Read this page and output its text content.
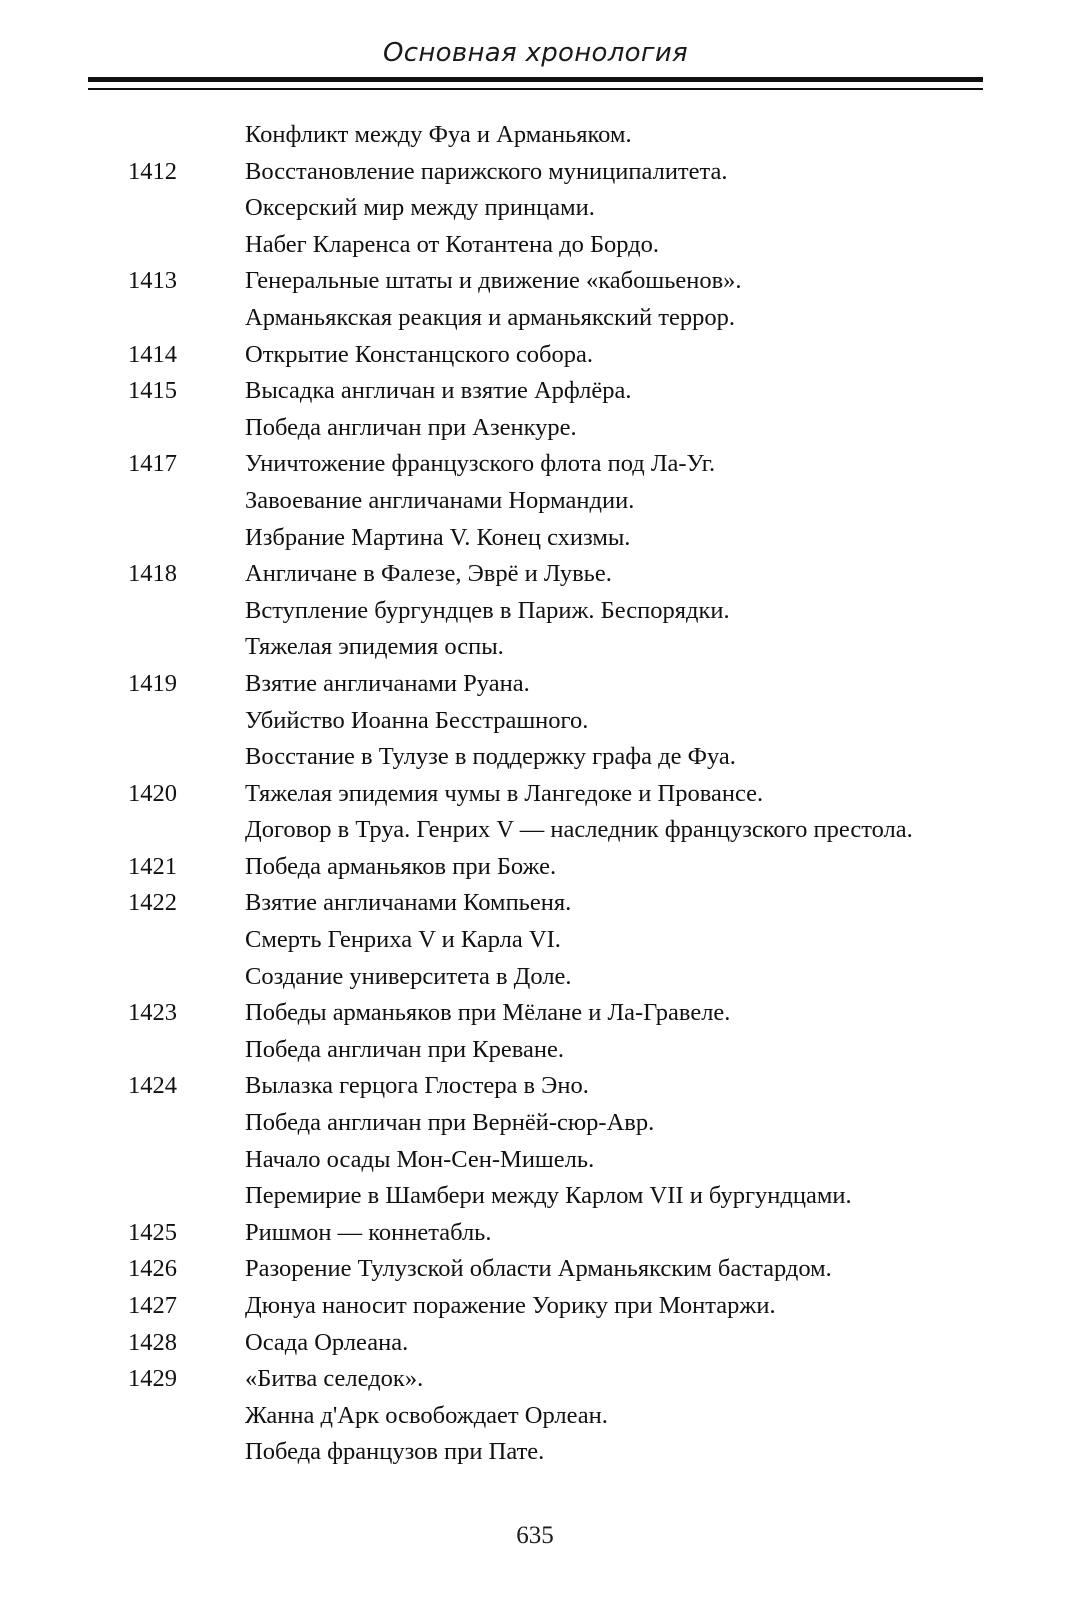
Основная хронология
Конфликт между Фуа и Арманьяком.
1412	Восстановление парижского муниципалитета.
Оксерский мир между принцами.
Набег Кларенса от Котантена до Бордо.
1413	Генеральные штаты и движение «кабошьенов».
Арманьякская реакция и арманьякский террор.
1414	Открытие Констанцского собора.
1415	Высадка англичан и взятие Арфлёра.
Победа англичан при Азенкуре.
1417	Уничтожение французского флота под Ла-Уг.
Завоевание англичанами Нормандии.
Избрание Мартина V. Конец схизмы.
1418	Англичане в Фалезе, Эврё и Лувье.
Вступление бургундцев в Париж. Беспорядки.
Тяжелая эпидемия оспы.
1419	Взятие англичанами Руана.
Убийство Иоанна Бесстрашного.
Восстание в Тулузе в поддержку графа де Фуа.
1420	Тяжелая эпидемия чумы в Лангедоке и Провансе.
Договор в Труа. Генрих V — наследник французского престола.
1421	Победа арманьяков при Боже.
1422	Взятие англичанами Компьеня.
Смерть Генриха V и Карла VI.
Создание университета в Доле.
1423	Победы арманьяков при Мёлане и Ла-Гравеле.
Победа англичан при Креване.
1424	Вылазка герцога Глостера в Эно.
Победа англичан при Вернёй-сюр-Авр.
Начало осады Мон-Сен-Мишель.
Перемирие в Шамбери между Карлом VII и бургундцами.
1425	Ришмон — коннетабль.
1426	Разорение Тулузской области Арманьякским бастардом.
1427	Дюнуа наносит поражение Уорику при Монтаржи.
1428	Осада Орлеана.
1429	«Битва селедок».
Жанна д'Арк освобождает Орлеан.
Победа французов при Пате.
635
